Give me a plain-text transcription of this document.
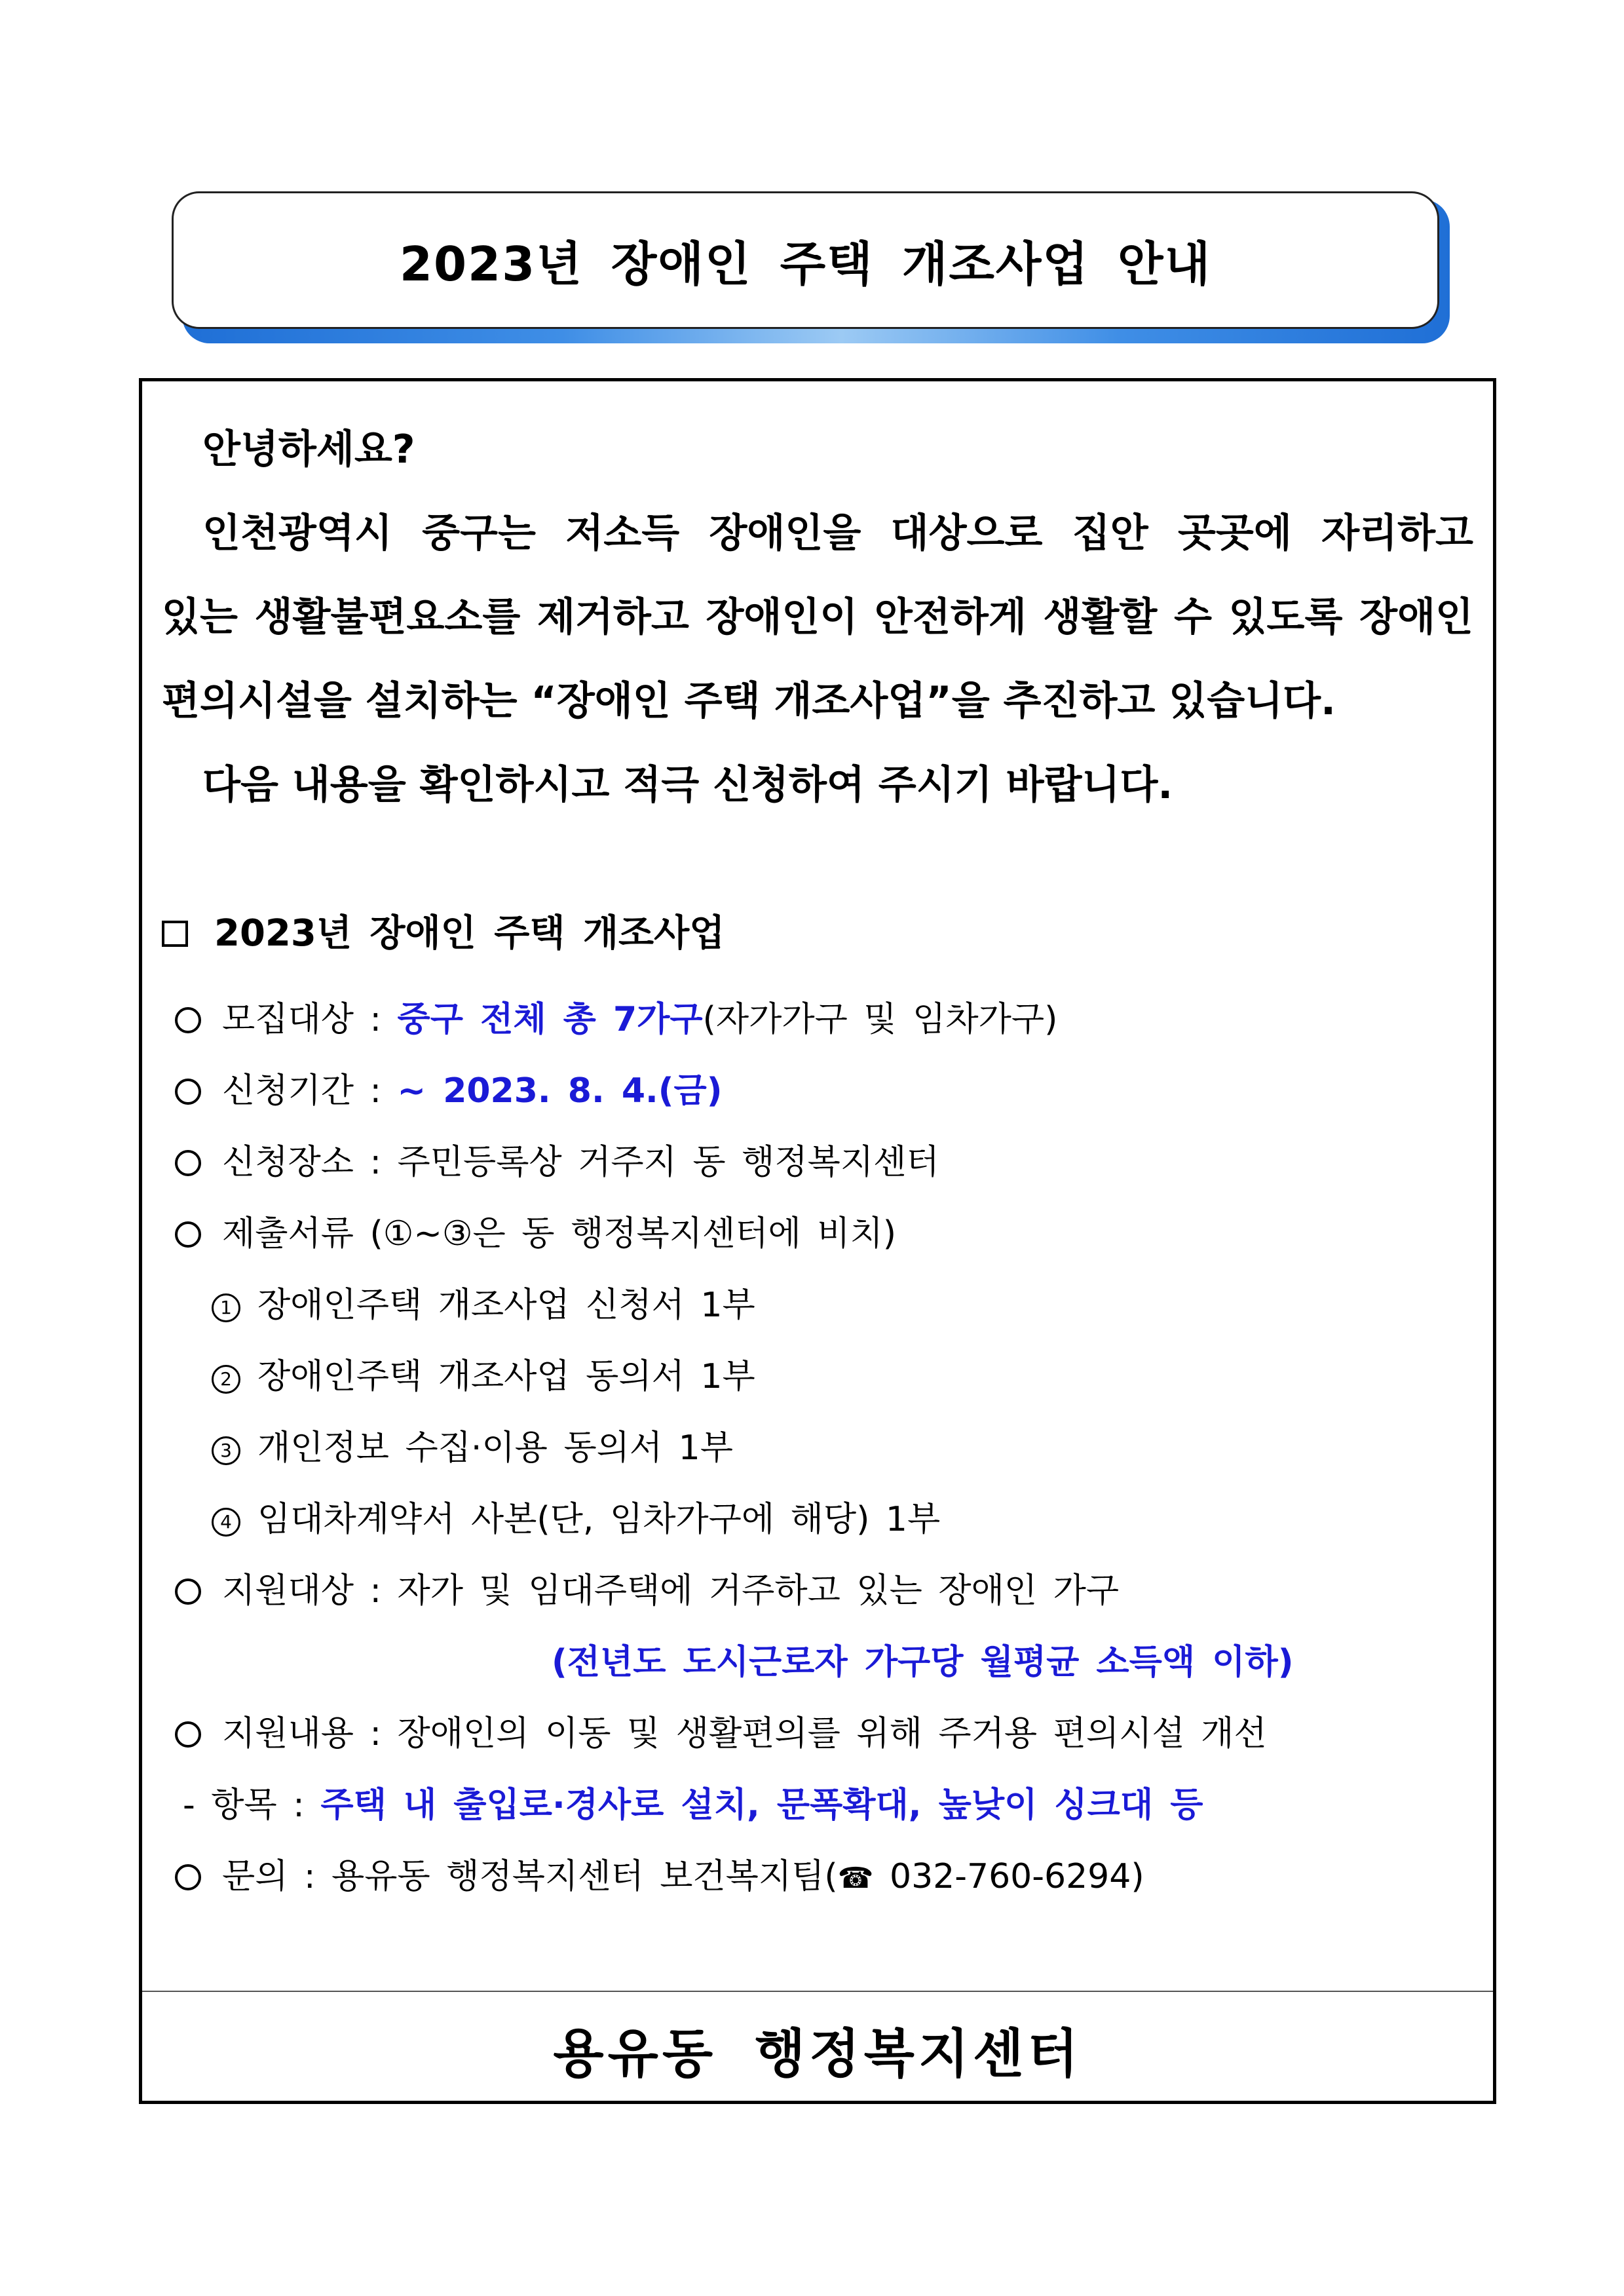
2023년 장애인 주택 개조사업 안내

안녕하세요?

인천광역시 중구는 저소득 장애인을 대상으로 집안 곳곳에 자리하고

있는 생활불편요소를 제거하고 장애인이 안전하게 생활할 수 있도록 장애인

편의시설을 설치하는 “장애인 주택 개조사업”을 추진하고 있습니다.

다음 내용을 확인하시고 적극 신청하여 주시기 바랍니다.

2023년 장애인 주택 개조사업
모집대상 : 중구 전체 총 7가구(자가가구 및 임차가구)
신청기간 : ~ 2023. 8. 4.(금)
신청장소 : 주민등록상 거주지 동 행정복지센터
제출서류 (①~③은 동 행정복지센터에 비치)
1 장애인주택 개조사업 신청서 1부
2 장애인주택 개조사업 동의서 1부
3 개인정보 수집·이용 동의서 1부
4 임대차계약서 사본(단, 임차가구에 해당) 1부
지원대상 : 자가 및 임대주택에 거주하고 있는 장애인 가구
(전년도 도시근로자 가구당 월평균 소득액 이하)
지원내용 : 장애인의 이동 및 생활편의를 위해 주거용 편의시설 개선
- 항목 : 주택 내 출입로·경사로 설치, 문폭확대, 높낮이 싱크대 등
문의 : 용유동 행정복지센터 보건복지팀(☎ 032-760-6294)
용유동 행정복지센터
